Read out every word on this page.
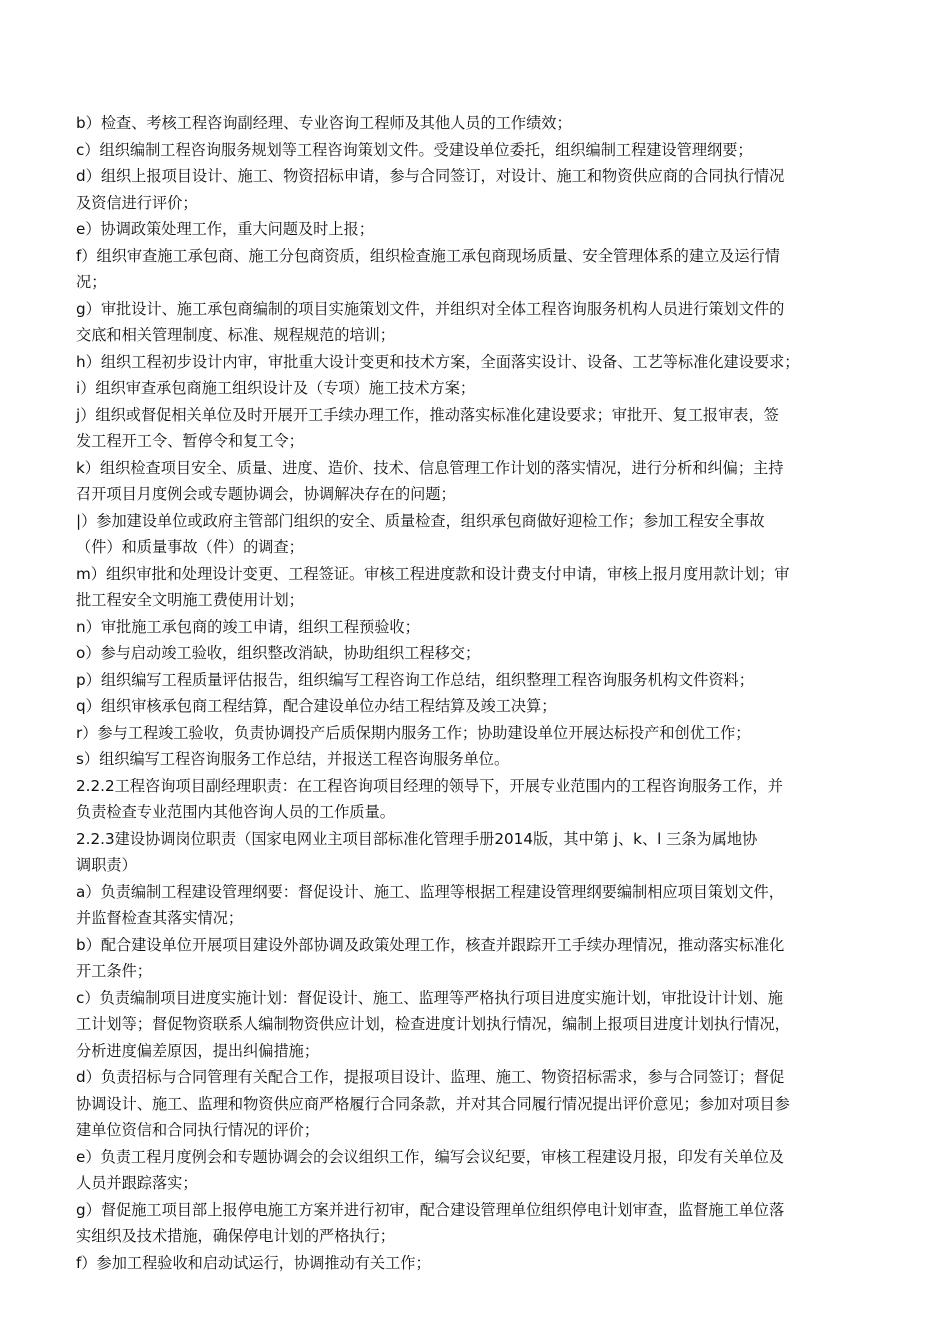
b）检查、考核工程咨询副经理、专业咨询工程师及其他人员的工作绩效；
c）组织编制工程咨询服务规划等工程咨询策划文件。受建设单位委托，组织编制工程建设管理纲要；
d）组织上报项目设计、施工、物资招标申请，参与合同签订，对设计、施工和物资供应商的合同执行情况
及资信进行评价；
e）协调政策处理工作，重大问题及时上报；
f）组织审查施工承包商、施工分包商资质，组织检查施工承包商现场质量、安全管理体系的建立及运行情
况；
g）审批设计、施工承包商编制的项目实施策划文件，并组织对全体工程咨询服务机构人员进行策划文件的
交底和相关管理制度、标准、规程规范的培训；
h）组织工程初步设计内审，审批重大设计变更和技术方案，全面落实设计、设备、工艺等标准化建设要求；
i）组织审查承包商施工组织设计及（专项）施工技术方案；
j）组织或督促相关单位及时开展开工手续办理工作，推动落实标准化建设要求；审批开、复工报审表，签
发工程开工令、暂停令和复工令；
k）组织检查项目安全、质量、进度、造价、技术、信息管理工作计划的落实情况，进行分析和纠偏；主持
召开项目月度例会或专题协调会，协调解决存在的问题；
|）参加建设单位或政府主管部门组织的安全、质量检查，组织承包商做好迎检工作；参加工程安全事故
（件）和质量事故（件）的调查；
m）组织审批和处理设计变更、工程签证。审核工程进度款和设计费支付申请，审核上报月度用款计划；审
批工程安全文明施工费使用计划；
n）审批施工承包商的竣工申请，组织工程预验收；
o）参与启动竣工验收，组织整改消缺，协助组织工程移交；
p）组织编写工程质量评估报告，组织编写工程咨询工作总结，组织整理工程咨询服务机构文件资料；
q）组织审核承包商工程结算，配合建设单位办结工程结算及竣工决算；
r）参与工程竣工验收，负责协调投产后质保期内服务工作；协助建设单位开展达标投产和创优工作；
s）组织编写工程咨询服务工作总结，并报送工程咨询服务单位。
2.2.2工程咨询项目副经理职责：在工程咨询项目经理的领导下，开展专业范围内的工程咨询服务工作，并
负责检查专业范围内其他咨询人员的工作质量。
2.2.3建设协调岗位职责（国家电网业主项目部标准化管理手册2014版，其中第 j、k、l 三条为属地协
调职责）
a）负责编制工程建设管理纲要：督促设计、施工、监理等根据工程建设管理纲要编制相应项目策划文件，
并监督检查其落实情况；
b）配合建设单位开展项目建设外部协调及政策处理工作，核查并跟踪开工手续办理情况，推动落实标准化
开工条件；
c）负责编制项目进度实施计划：督促设计、施工、监理等严格执行项目进度实施计划，审批设计计划、施
工计划等；督促物资联系人编制物资供应计划，检查进度计划执行情况，编制上报项目进度计划执行情况，
分析进度偏差原因，提出纠偏措施；
d）负责招标与合同管理有关配合工作，提报项目设计、监理、施工、物资招标需求，参与合同签订；督促
协调设计、施工、监理和物资供应商严格履行合同条款，并对其合同履行情况提出评价意见；参加对项目参
建单位资信和合同执行情况的评价；
e）负责工程月度例会和专题协调会的会议组织工作，编写会议纪要，审核工程建设月报，印发有关单位及
人员并跟踪落实；
g）督促施工项目部上报停电施工方案并进行初审，配合建设管理单位组织停电计划审查，监督施工单位落
实组织及技术措施，确保停电计划的严格执行；
f）参加工程验收和启动试运行，协调推动有关工作；
